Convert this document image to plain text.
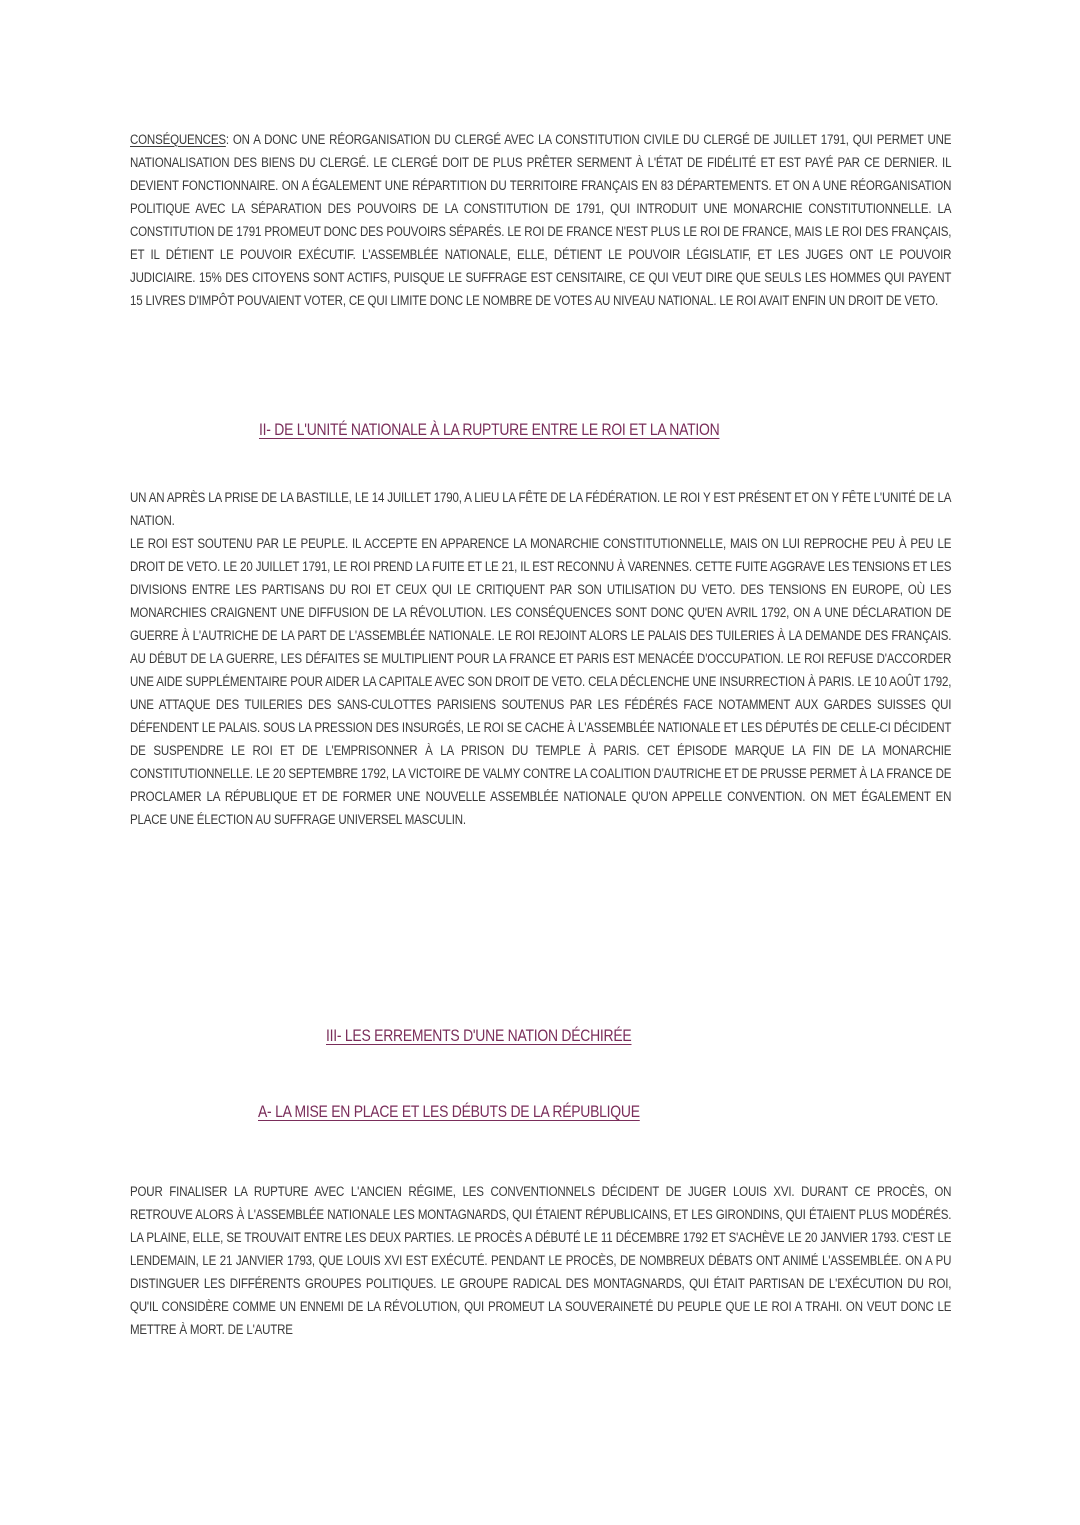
CONSÉQUENCES: ON A DONC UNE RÉORGANISATION DU CLERGÉ AVEC LA CONSTITUTION CIVILE DU CLERGÉ DE JUILLET 1791, QUI PERMET UNE NATIONALISATION DES BIENS DU CLERGÉ. LE CLERGÉ DOIT DE PLUS PRÊTER SERMENT À L'ÉTAT DE FIDÉLITÉ ET EST PAYÉ PAR CE DERNIER. IL DEVIENT FONCTIONNAIRE. ON A ÉGALEMENT UNE RÉPARTITION DU TERRITOIRE FRANÇAIS EN 83 DÉPARTEMENTS. ET ON A UNE RÉORGANISATION POLITIQUE AVEC LA SÉPARATION DES POUVOIRS DE LA CONSTITUTION DE 1791, QUI INTRODUIT UNE MONARCHIE CONSTITUTIONNELLE. LA CONSTITUTION DE 1791 PROMEUT DONC DES POUVOIRS SÉPARÉS. LE ROI DE FRANCE N'EST PLUS LE ROI DE FRANCE, MAIS LE ROI DES FRANÇAIS, ET IL DÉTIENT LE POUVOIR EXÉCUTIF. L'ASSEMBLÉE NATIONALE, ELLE, DÉTIENT LE POUVOIR LÉGISLATIF, ET LES JUGES ONT LE POUVOIR JUDICIAIRE. 15% DES CITOYENS SONT ACTIFS, PUISQUE LE SUFFRAGE EST CENSITAIRE, CE QUI VEUT DIRE QUE SEULS LES HOMMES QUI PAYENT 15 LIVRES D'IMPÔT POUVAIENT VOTER, CE QUI LIMITE DONC LE NOMBRE DE VOTES AU NIVEAU NATIONAL. LE ROI AVAIT ENFIN UN DROIT DE VETO.

II- DE L'UNITÉ NATIONALE À LA RUPTURE ENTRE LE ROI ET LA NATION

UN AN APRÈS LA PRISE DE LA BASTILLE, LE 14 JUILLET 1790, A LIEU LA FÊTE DE LA FÉDÉRATION. LE ROI Y EST PRÉSENT ET ON Y FÊTE L'UNITÉ DE LA NATION.

LE ROI EST SOUTENU PAR LE PEUPLE. IL ACCEPTE EN APPARENCE LA MONARCHIE CONSTITUTIONNELLE, MAIS ON LUI REPROCHE PEU À PEU LE DROIT DE VETO. LE 20 JUILLET 1791, LE ROI PREND LA FUITE ET LE 21, IL EST RECONNU À VARENNES. CETTE FUITE AGGRAVE LES TENSIONS ET LES DIVISIONS ENTRE LES PARTISANS DU ROI ET CEUX QUI LE CRITIQUENT PAR SON UTILISATION DU VETO. DES TENSIONS EN EUROPE, OÙ LES MONARCHIES CRAIGNENT UNE DIFFUSION DE LA RÉVOLUTION. LES CONSÉQUENCES SONT DONC QU'EN AVRIL 1792, ON A UNE DÉCLARATION DE GUERRE À L'AUTRICHE DE LA PART DE L'ASSEMBLÉE NATIONALE. LE ROI REJOINT ALORS LE PALAIS DES TUILERIES À LA DEMANDE DES FRANÇAIS. AU DÉBUT DE LA GUERRE, LES DÉFAITES SE MULTIPLIENT POUR LA FRANCE ET PARIS EST MENACÉE D'OCCUPATION. LE ROI REFUSE D'ACCORDER UNE AIDE SUPPLÉMENTAIRE POUR AIDER LA CAPITALE AVEC SON DROIT DE VETO. CELA DÉCLENCHE UNE INSURRECTION À PARIS. LE 10 AOÛT 1792, UNE ATTAQUE DES TUILERIES DES SANS-CULOTTES PARISIENS SOUTENUS PAR LES FÉDÉRÉS FACE NOTAMMENT AUX GARDES SUISSES QUI DÉFENDENT LE PALAIS. SOUS LA PRESSION DES INSURGÉS, LE ROI SE CACHE À L'ASSEMBLÉE NATIONALE ET LES DÉPUTÉS DE CELLE-CI DÉCIDENT DE SUSPENDRE LE ROI ET DE L'EMPRISONNER À LA PRISON DU TEMPLE À PARIS. CET ÉPISODE MARQUE LA FIN DE LA MONARCHIE CONSTITUTIONNELLE. LE 20 SEPTEMBRE 1792, LA VICTOIRE DE VALMY CONTRE LA COALITION D'AUTRICHE ET DE PRUSSE PERMET À LA FRANCE DE PROCLAMER LA RÉPUBLIQUE ET DE FORMER UNE NOUVELLE ASSEMBLÉE NATIONALE QU'ON APPELLE CONVENTION. ON MET ÉGALEMENT EN PLACE UNE ÉLECTION AU SUFFRAGE UNIVERSEL MASCULIN.

III- LES ERREMENTS D'UNE NATION DÉCHIRÉE
A- LA MISE EN PLACE ET LES DÉBUTS DE LA RÉPUBLIQUE

POUR FINALISER LA RUPTURE AVEC L'ANCIEN RÉGIME, LES CONVENTIONNELS DÉCIDENT DE JUGER LOUIS XVI. DURANT CE PROCÈS, ON RETROUVE ALORS À L'ASSEMBLÉE NATIONALE LES MONTAGNARDS, QUI ÉTAIENT RÉPUBLICAINS, ET LES GIRONDINS, QUI ÉTAIENT PLUS MODÉRÉS. LA PLAINE, ELLE, SE TROUVAIT ENTRE LES DEUX PARTIES. LE PROCÈS A DÉBUTÉ LE 11 DÉCEMBRE 1792 ET S'ACHÈVE LE 20 JANVIER 1793. C'EST LE LENDEMAIN, LE 21 JANVIER 1793, QUE LOUIS XVI EST EXÉCUTÉ. PENDANT LE PROCÈS, DE NOMBREUX DÉBATS ONT ANIMÉ L'ASSEMBLÉE. ON A PU DISTINGUER LES DIFFÉRENTS GROUPES POLITIQUES. LE GROUPE RADICAL DES MONTAGNARDS, QUI ÉTAIT PARTISAN DE L'EXÉCUTION DU ROI, QU'IL CONSIDÈRE COMME UN ENNEMI DE LA RÉVOLUTION, QUI PROMEUT LA SOUVERAINETÉ DU PEUPLE QUE LE ROI A TRAHI. ON VEUT DONC LE METTRE À MORT. DE L'AUTRE
